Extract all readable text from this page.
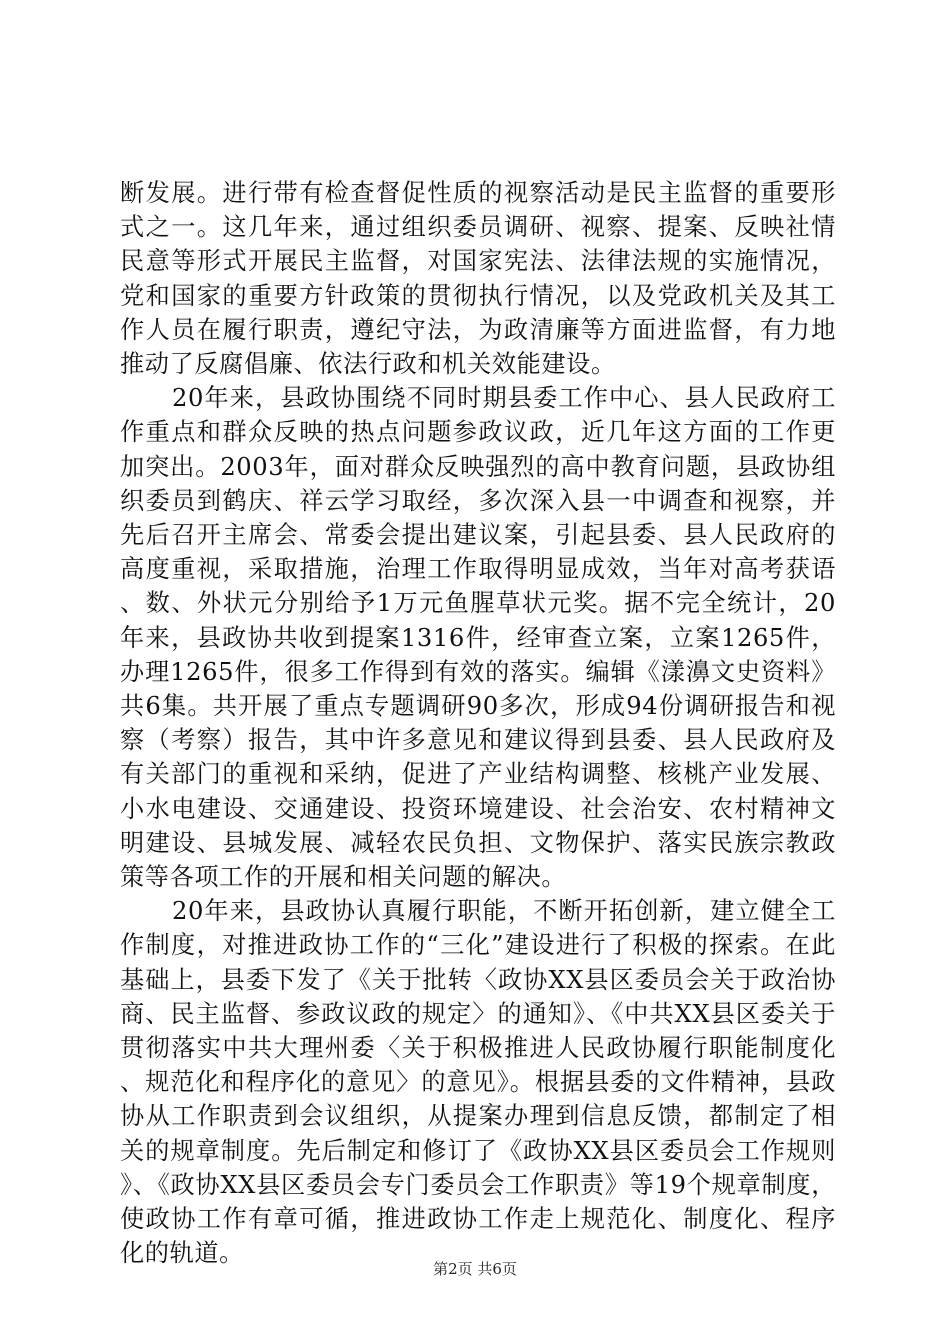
断发展。进行带有检查督促性质的视察活动是民主监督的重要形式之一。这几年来，通过组织委员调研、视察、提案、反映社情民意等形式开展民主监督，对国家宪法、法律法规的实施情况，党和国家的重要方针政策的贯彻执行情况，以及党政机关及其工作人员在履行职责，遵纪守法，为政清廉等方面进监督，有力地推动了反腐倡廉、依法行政和机关效能建设。

20年来，县政协围绕不同时期县委工作中心、县人民政府工作重点和群众反映的热点问题参政议政，近几年这方面的工作更加突出。2003年，面对群众反映强烈的高中教育问题，县政协组织委员到鹤庆、祥云学习取经，多次深入县一中调查和视察，并先后召开主席会、常委会提出建议案，引起县委、县人民政府的高度重视，采取措施，治理工作取得明显成效，当年对高考获语、数、外状元分别给予1万元鱼腥草状元奖。据不完全统计，20年来，县政协共收到提案1316件，经审查立案，立案1265件，办理1265件，很多工作得到有效的落实。编辑《漾濞文史资料》共6集。共开展了重点专题调研90多次，形成94份调研报告和视察（考察）报告，其中许多意见和建议得到县委、县人民政府及有关部门的重视和采纳，促进了产业结构调整、核桃产业发展、小水电建设、交通建设、投资环境建设、社会治安、农村精神文明建设、县城发展、减轻农民负担、文物保护、落实民族宗教政策等各项工作的开展和相关问题的解决。

20年来，县政协认真履行职能，不断开拓创新，建立健全工作制度，对推进政协工作的“三化”建设进行了积极的探索。在此基础上，县委下发了《关于批转〈政协XX县区委员会关于政治协商、民主监督、参政议政的规定〉的通知》、《中共XX县区委关于贯彻落实中共大理州委〈关于积极推进人民政协履行职能制度化、规范化和程序化的意见〉的意见》。根据县委的文件精神，县政协从工作职责到会议组织，从提案办理到信息反馈，都制定了相关的规章制度。先后制定和修订了《政协XX县区委员会工作规则》、《政协XX县区委员会专门委员会工作职责》等19个规章制度，使政协工作有章可循，推进政协工作走上规范化、制度化、程序化的轨道。

第2页 共6页
